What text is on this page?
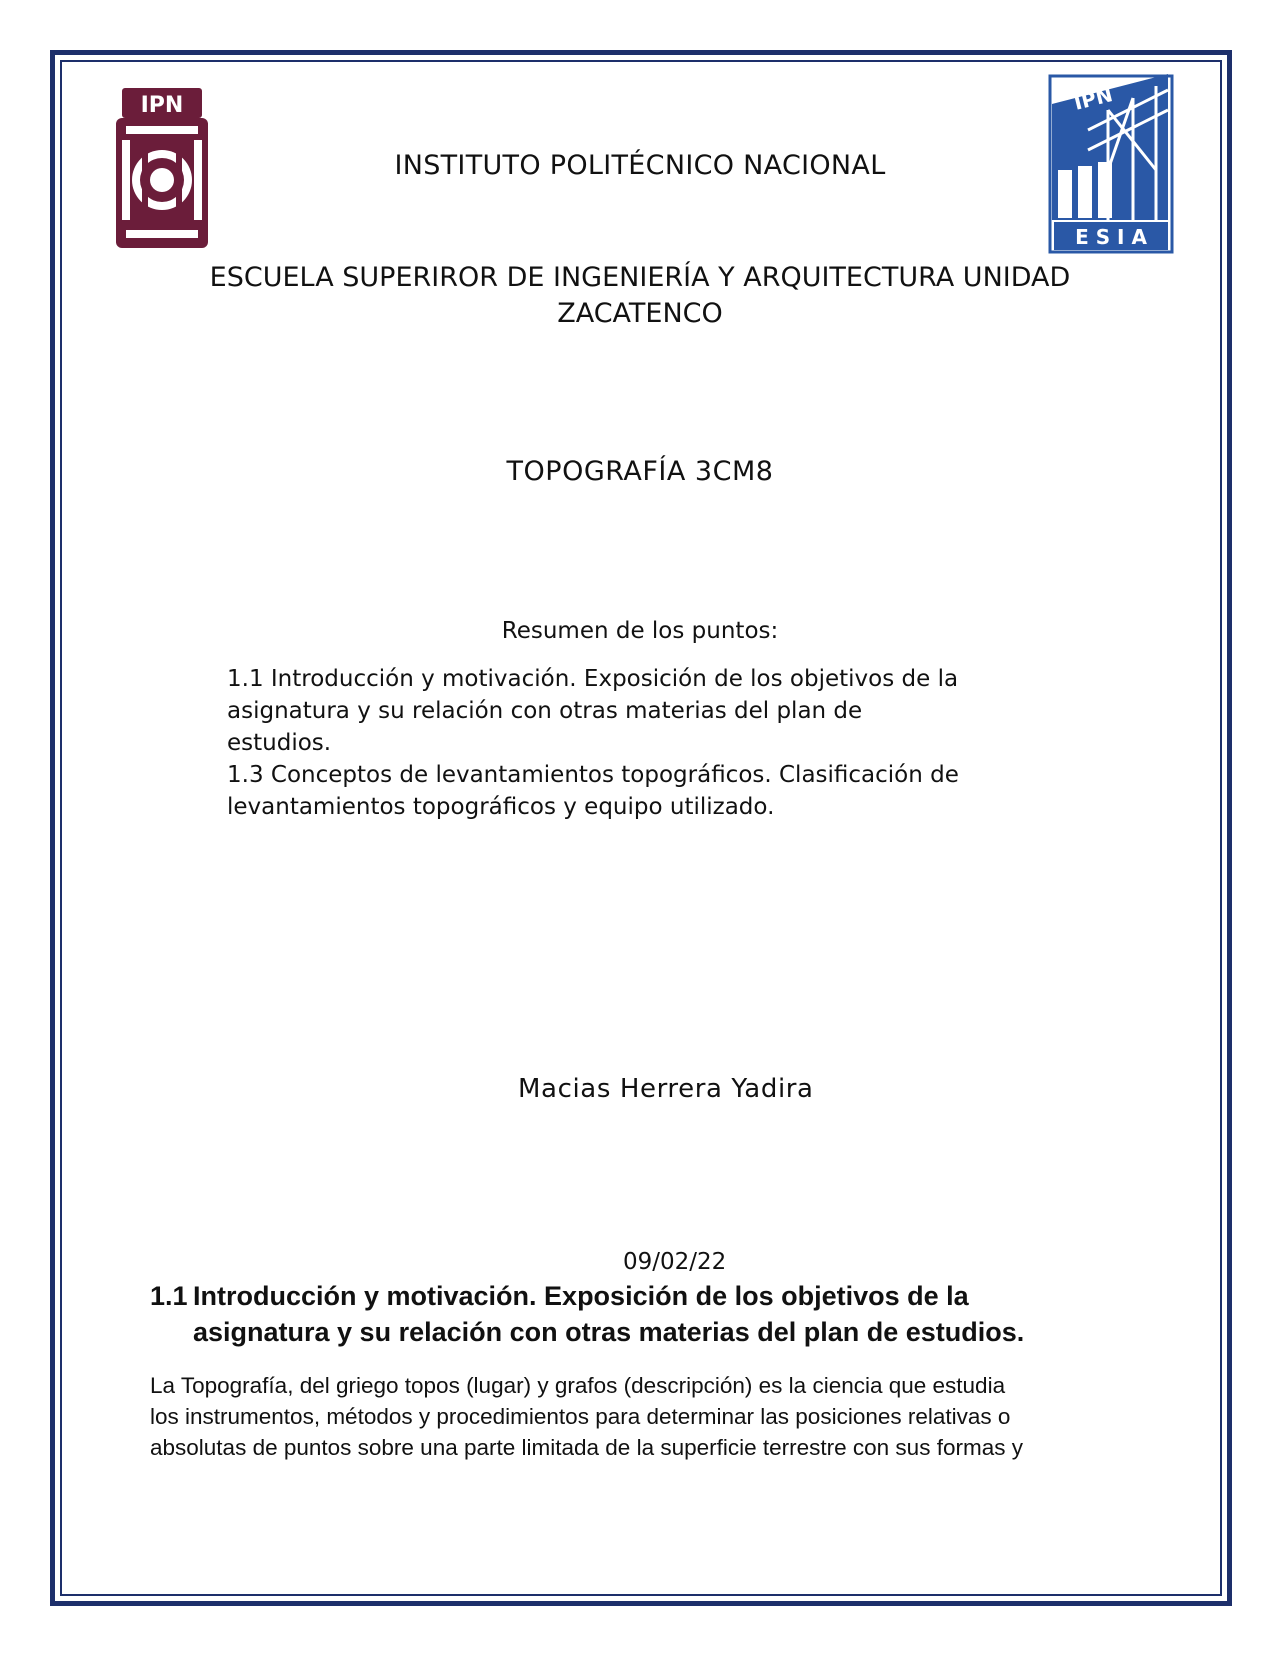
IPN	IPN
E S I A
INSTITUTO POLITÉCNICO NACIONAL
ESCUELA SUPERIROR DE INGENIERÍA Y ARQUITECTURA UNIDAD ZACATENCO
TOPOGRAFÍA 3CM8
Resumen de los puntos:

1.1 Introducción y motivación. Exposición de los objetivos de la asignatura y su relación con otras materias del plan de estudios.

1.3 Conceptos de levantamientos topográficos. Clasificación de levantamientos topográficos y equipo utilizado.

Macias Herrera Yadira
09/02/22
1.1 Introducción y motivación. Exposición de los objetivos de la
asignatura y su relación con otras materias del plan de estudios.
La Topografía, del griego topos (lugar) y grafos (descripción) es la ciencia que estudia
los instrumentos, métodos y procedimientos para determinar las posiciones relativas o
absolutas de puntos sobre una parte limitada de la superficie terrestre con sus formas y
